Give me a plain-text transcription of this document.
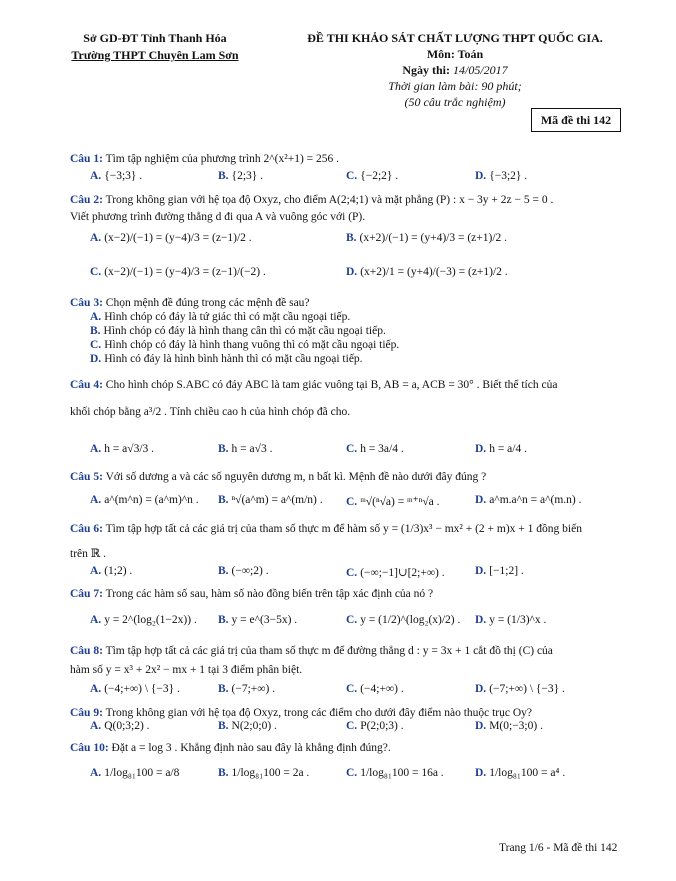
Sở GD-ĐT Tỉnh Thanh Hóa
Trường THPT Chuyên Lam Sơn
ĐỀ THI KHẢO SÁT CHẤT LƯỢNG THPT QUỐC GIA.
Môn: Toán
Ngày thi: 14/05/2017
Thời gian làm bài: 90 phút;
(50 câu trắc nghiệm)
Mã đề thi 142
Câu 1: Tìm tập nghiệm của phương trình 2^(x²+1) = 256 .
A. {−3;3} .	B. {2;3} .	C. {−2;2} .	D. {−3;2} .
Câu 2: Trong không gian với hệ tọa độ Oxyz, cho điểm A(2;4;1) và mặt phẳng (P) : x − 3y + 2z − 5 = 0 .
Viết phương trình đường thẳng d đi qua A và vuông góc với (P).
A. (x−2)/(−1) = (y−4)/3 = (z−1)/2 .	B. (x+2)/(−1) = (y+4)/3 = (z+1)/2 .
C. (x−2)/(−1) = (y−4)/3 = (z−1)/(−2) .	D. (x+2)/1 = (y+4)/(−3) = (z+1)/2 .
Câu 3: Chọn mệnh đề đúng trong các mệnh đề sau?
A. Hình chóp có đáy là tứ giác thì có mặt cầu ngoại tiếp.
B. Hình chóp có đáy là hình thang cân thì có mặt cầu ngoại tiếp.
C. Hình chóp có đáy là hình thang vuông thì có mặt cầu ngoại tiếp.
D. Hình có đáy là hình bình hành thì có mặt cầu ngoại tiếp.
Câu 4: Cho hình chóp S.ABC có đáy ABC là tam giác vuông tại B, AB = a, ACB = 30° . Biết thể tích của
khối chóp bằng a³/2 . Tính chiều cao h của hình chóp đã cho.
A. h = a√3/3 .	B. h = a√3 .	C. h = 3a/4 .	D. h = a/4 .
Câu 5: Với số dương a và các số nguyên dương m, n bất kì. Mệnh đề nào dưới đây đúng ?
A. a^(m^n) = (a^m)^n . B. ⁿ√(a^m) = a^(m/n) . C. ᵐ√(ⁿ√a) = ᵐ⁺ⁿ√a .	D. a^m.a^n = a^(m.n) .
Câu 6: Tìm tập hợp tất cả các giá trị của tham số thực m để hàm số y = (1/3)x³ − mx² + (2 + m)x + 1 đồng biến
trên ℝ .
A. (1;2) .	B. (−∞;2) .	C. (−∞;−1]∪[2;+∞) .	D. [−1;2] .
Câu 7: Trong các hàm số sau, hàm số nào đồng biến trên tập xác định của nó ?
A. y = 2^(log₂(1−2x)) . B. y = e^(3−5x) .	C. y = (1/2)^(log₂(x)/2) . D. y = (1/3)^x .
Câu 8: Tìm tập hợp tất cả các giá trị của tham số thực m để đường thẳng d : y = 3x + 1 cắt đồ thị (C) của
hàm số y = x³ + 2x² − mx + 1 tại 3 điểm phân biệt.
A. (−4;+∞) \ {−3} .	B. (−7;+∞) .	C. (−4;+∞) .	D. (−7;+∞) \ {−3} .
Câu 9: Trong không gian với hệ tọa độ Oxyz, trong các điểm cho dưới đây điểm nào thuộc trục Oy?
A. Q(0;3;2) .	B. N(2;0;0) .	C. P(2;0;3) .	D. M(0;−3;0) .
Câu 10: Đặt a = log 3 . Khẳng định nào sau đây là khẳng định đúng?.
A. 1/log₈₁100 = a/8	B. 1/log₈₁100 = 2a .	C. 1/log₈₁100 = 16a .	D. 1/log₈₁100 = a⁴ .
Trang 1/6 - Mã đề thi 142
